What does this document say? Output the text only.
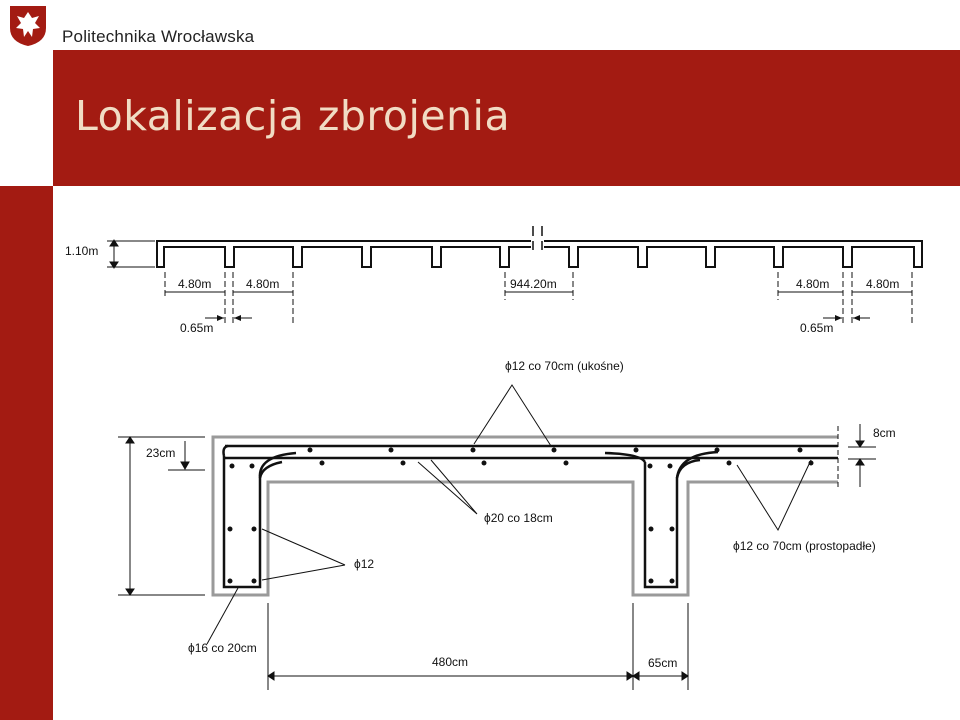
Politechnika Wrocławska
Lokalizacja zbrojenia
1.10m
4.80m	4.80m	944.20m	4.80m	4.80m
0.65m	0.65m
ϕ12 co 70cm (ukośne)
ϕ20 co 18cm
ϕ12
ϕ12 co 70cm (prostopadłe)
ϕ16 co 20cm
23cm
8cm
480cm	65cm
